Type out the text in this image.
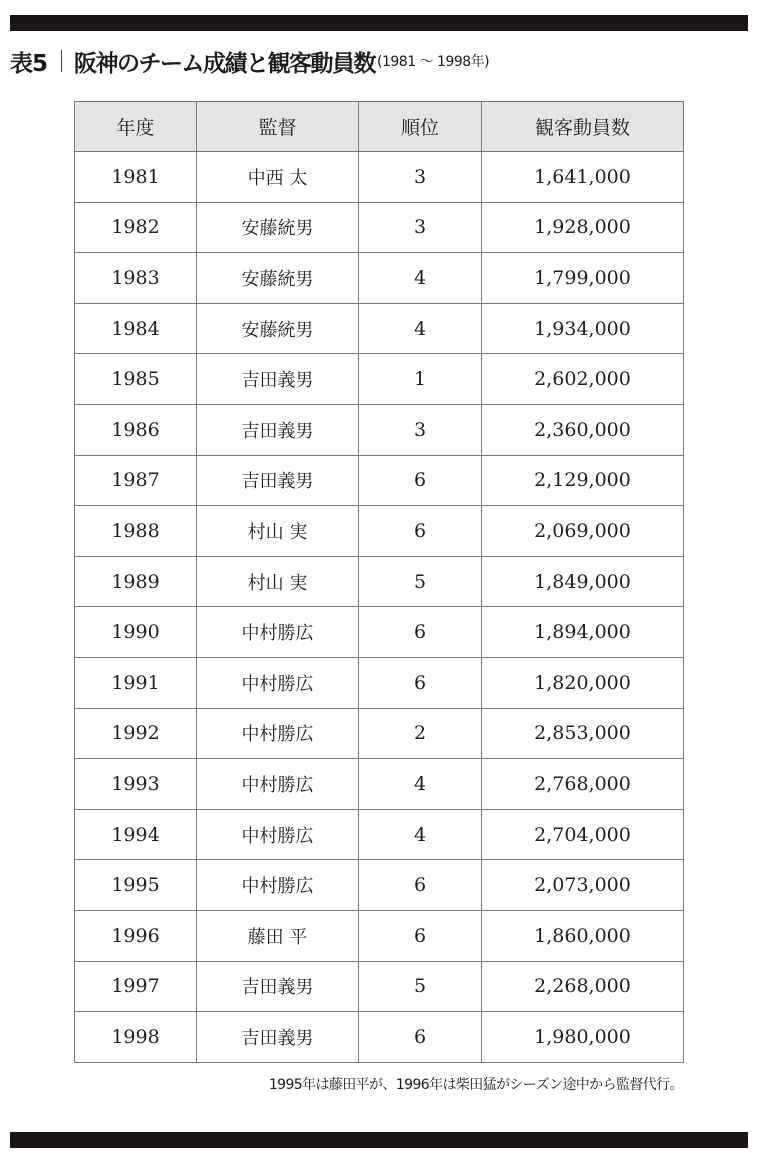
表5 阪神のチーム成績と観客動員数 (1981 ～ 1998年)
年度	監督	順位	観客動員数
1981	中西 太	3	1,641,000
1982	安藤統男	3	1,928,000
1983	安藤統男	4	1,799,000
1984	安藤統男	4	1,934,000
1985	吉田義男	1	2,602,000
1986	吉田義男	3	2,360,000
1987	吉田義男	6	2,129,000
1988	村山 実	6	2,069,000
1989	村山 実	5	1,849,000
1990	中村勝広	6	1,894,000
1991	中村勝広	6	1,820,000
1992	中村勝広	2	2,853,000
1993	中村勝広	4	2,768,000
1994	中村勝広	4	2,704,000
1995	中村勝広	6	2,073,000
1996	藤田 平	6	1,860,000
1997	吉田義男	5	2,268,000
1998	吉田義男	6	1,980,000
1995年は藤田平が、1996年は柴田猛がシーズン途中から監督代行。
